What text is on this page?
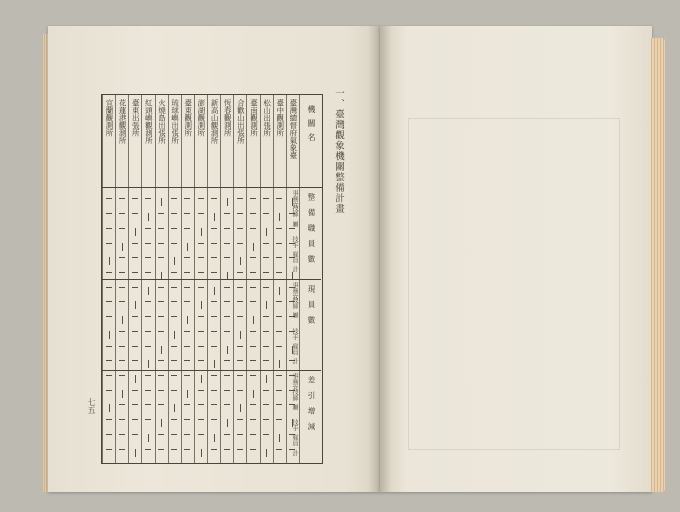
一、臺灣觀象機關整備計畫
機關名
臺灣總督府氣象臺
臺中觀測所
松山出張所
臺南觀測所
合歡山出張所
恆春觀測所
新高山觀測所
澎湖觀測所
臺東觀測所
琉球嶼出張所
火燒島出張所
紅頭嶼觀測所
臺東出張所
花蓮港觀測所
宜蘭觀測所
整備職員數
事務官
技師
屬
技手
雇員
計
現員數
事務官
技師
屬
技手
雇員
計
差引增減
事務官
技師
屬
技手
雇員
計
七五
